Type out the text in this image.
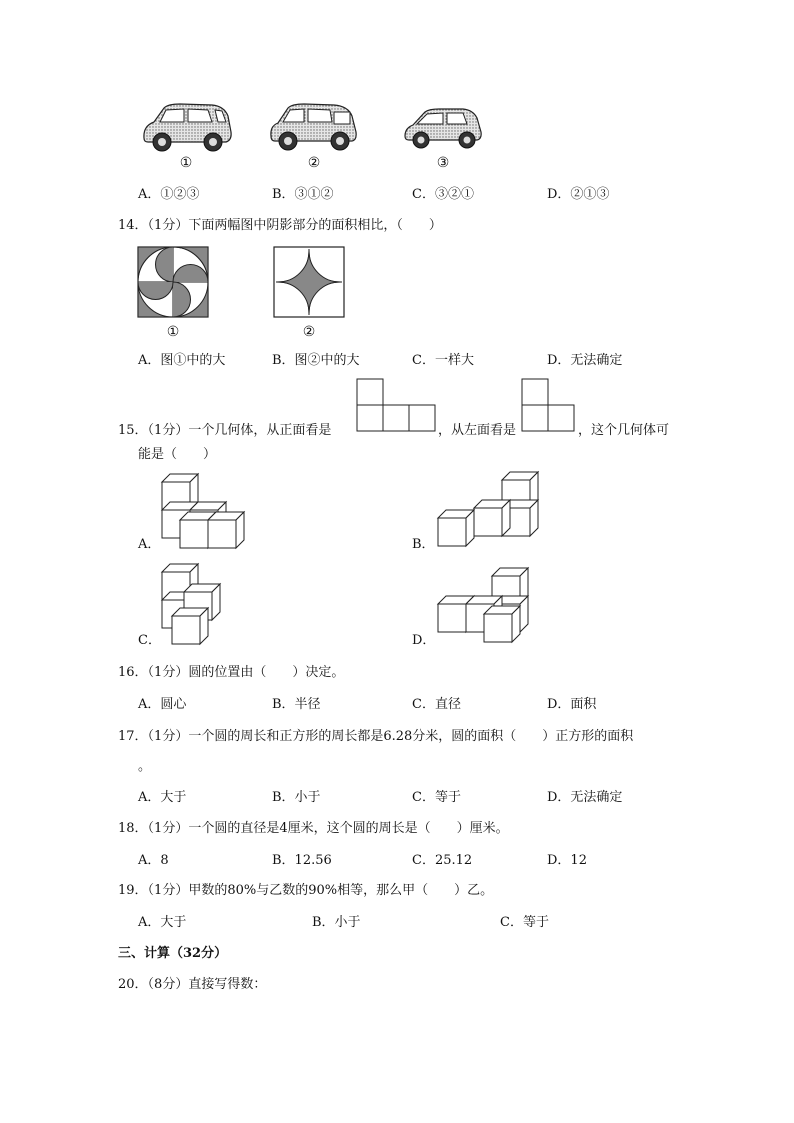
①	②	③
A．①②③	B．③①②	C．③②①	D．②①③
14．（1分）下面两幅图中阴影部分的面积相比，（　　）
①	②
A．图①中的大	B．图②中的大	C．一样大	D．无法确定
15．（1分）一个几何体，从正面看是	，从左面看是	，这个几何体可
能是（　　）
A．	B．
C．	D．
16．（1分）圆的位置由（　　）决定。
A．圆心	B．半径	C．直径	D．面积
17．（1分）一个圆的周长和正方形的周长都是6.28分米，圆的面积（　　）正方形的面积
。
A．大于	B．小于	C．等于	D．无法确定
18．（1分）一个圆的直径是4厘米，这个圆的周长是（　　）厘米。
A．8	B．12.56	C．25.12	D．12
19．（1分）甲数的80%与乙数的90%相等，那么甲（　　）乙。
A．大于	B．小于	C．等于
三、计算（32分）
20．（8分）直接写得数：
